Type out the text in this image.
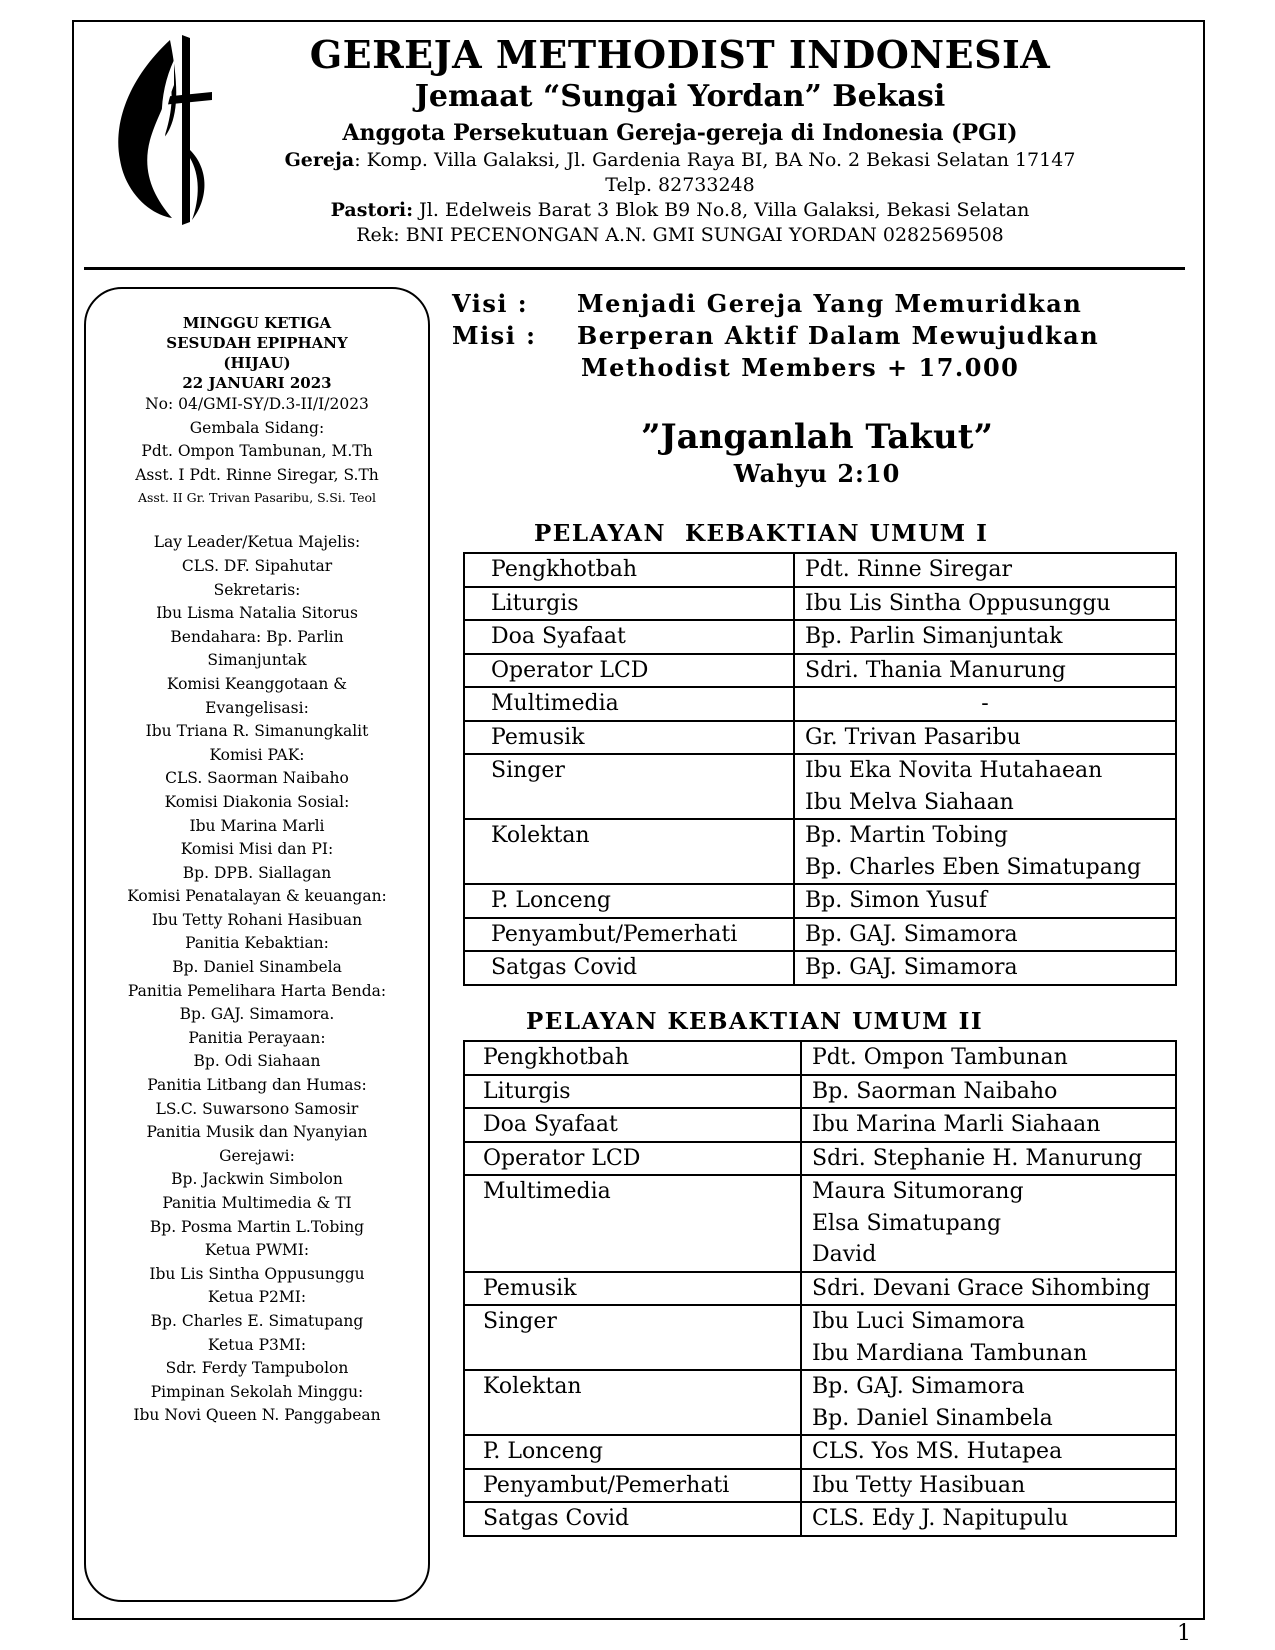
GEREJA METHODIST INDONESIA
Jemaat “Sungai Yordan” Bekasi
Anggota Persekutuan Gereja-gereja di Indonesia (PGI)
Gereja: Komp. Villa Galaksi, Jl. Gardenia Raya BI, BA No. 2 Bekasi Selatan 17147
Telp. 82733248
Pastori: Jl. Edelweis Barat 3 Blok B9 No.8, Villa Galaksi, Bekasi Selatan
Rek: BNI PECENONGAN A.N. GMI SUNGAI YORDAN 0282569508
MINGGU KETIGA
SESUDAH EPIPHANY
(HIJAU)
22 JANUARI 2023
No: 04/GMI-SY/D.3-II/I/2023
Gembala Sidang:
Pdt. Ompon Tambunan, M.Th
Asst. I Pdt. Rinne Siregar, S.Th
Asst. II Gr. Trivan Pasaribu, S.Si. Teol
Lay Leader/Ketua Majelis:
CLS. DF. Sipahutar
Sekretaris:
Ibu Lisma Natalia Sitorus
Bendahara: Bp. Parlin
Simanjuntak
Komisi Keanggotaan &
Evangelisasi:
Ibu Triana R. Simanungkalit
Komisi PAK:
CLS. Saorman Naibaho
Komisi Diakonia Sosial:
Ibu Marina Marli
Komisi Misi dan PI:
Bp. DPB. Siallagan
Komisi Penatalayan & keuangan:
Ibu Tetty Rohani Hasibuan
Panitia Kebaktian:
Bp. Daniel Sinambela
Panitia Pemelihara Harta Benda:
Bp. GAJ. Simamora.
Panitia Perayaan:
Bp. Odi Siahaan
Panitia Litbang dan Humas:
LS.C. Suwarsono Samosir
Panitia Musik dan Nyanyian
Gerejawi:
Bp. Jackwin Simbolon
Panitia Multimedia & TI
Bp. Posma Martin L.Tobing
Ketua PWMI:
Ibu Lis Sintha Oppusunggu
Ketua P2MI:
Bp. Charles E. Simatupang
Ketua P3MI:
Sdr. Ferdy Tampubolon
Pimpinan Sekolah Minggu:
Ibu Novi Queen N. Panggabean
Visi :	Menjadi Gereja Yang Memuridkan
Misi :	Berperan Aktif Dalam Mewujudkan
Methodist Members + 17.000
”Janganlah Takut”
Wahyu 2:10
PELAYAN  KEBAKTIAN UMUM I
Pengkhotbah	Pdt. Rinne Siregar

Liturgis	Ibu Lis Sintha Oppusunggu

Doa Syafaat	Bp. Parlin Simanjuntak

Operator LCD	Sdri. Thania Manurung

Multimedia	-

Pemusik	Gr. Trivan Pasaribu

Singer	Ibu Eka Novita Hutahaean
Ibu Melva Siahaan

Kolektan	Bp. Martin Tobing
Bp. Charles Eben Simatupang

P. Lonceng	Bp. Simon Yusuf

Penyambut/Pemerhati	Bp. GAJ. Simamora

Satgas Covid	Bp. GAJ. Simamora
PELAYAN KEBAKTIAN UMUM II
Pengkhotbah	Pdt. Ompon Tambunan

Liturgis	Bp. Saorman Naibaho

Doa Syafaat	Ibu Marina Marli Siahaan

Operator LCD	Sdri. Stephanie H. Manurung

Multimedia	Maura Situmorang
Elsa Simatupang
David

Pemusik	Sdri. Devani Grace Sihombing

Singer	Ibu Luci Simamora
Ibu Mardiana Tambunan

Kolektan	Bp. GAJ. Simamora
Bp. Daniel Sinambela

P. Lonceng	CLS. Yos MS. Hutapea

Penyambut/Pemerhati	Ibu Tetty Hasibuan

Satgas Covid	CLS. Edy J. Napitupulu
1
